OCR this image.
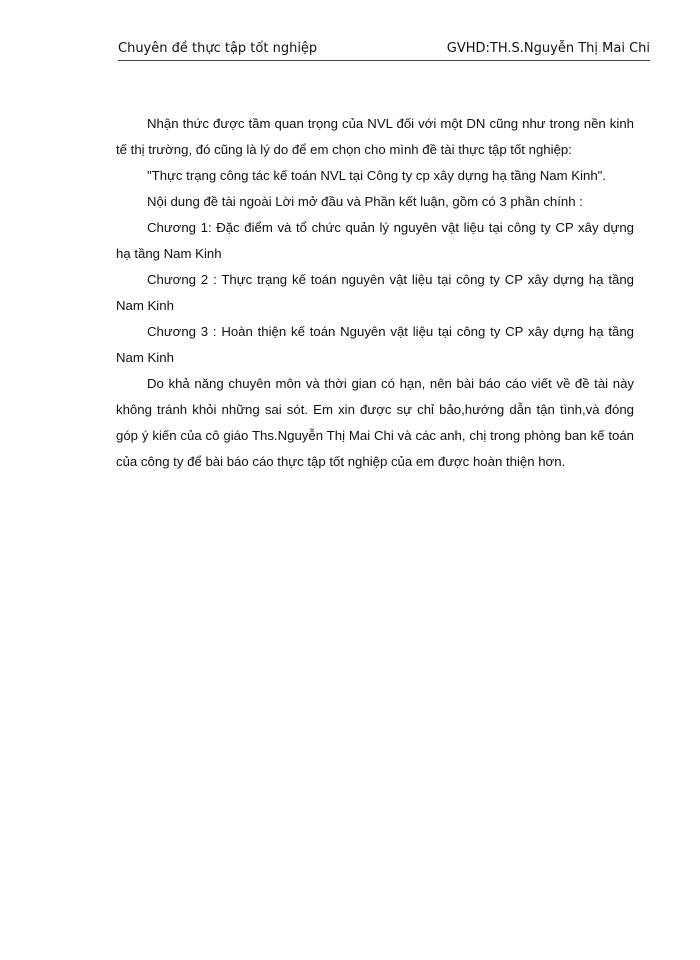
Chuyên đề thực tập tốt nghiệp	GVHD:TH.S.Nguyễn Thị Mai Chi

Nhận thức được tầm quan trọng của NVL đối với một DN cũng như trong nền kinh tế thị trường, đó cũng là lý do để em chọn cho mình đề tài thực tập tốt nghiệp:

"Thực trạng công tác kế toán NVL tại Công ty cp xây dựng hạ tầng Nam Kinh".

Nội dung đề tài ngoài Lời mở đầu và Phần kết luận, gồm có 3 phần chính :

Chương 1: Đặc điểm và tổ chức quản lý nguyên vật liệu tại công ty CP xây dựng hạ tầng Nam Kinh

Chương 2 : Thực trạng kế toán nguyên vật liệu tại công ty CP xây dựng hạ tầng Nam Kinh

Chương 3 : Hoàn thiện kế toán Nguyên vật liệu tại công ty CP xây dựng hạ tầng Nam Kinh

Do khả năng chuyên môn và thời gian có hạn, nên bài báo cáo viết về đề tài này không tránh khỏi những sai sót. Em xin được sự chỉ bảo,hướng dẫn tận tình,và đóng góp ý kiến của cô giáo Ths.Nguyễn Thị Mai Chi và các anh, chị trong phòng ban kế toán của công ty để bài báo cáo thực tập tốt nghiệp của em được hoàn thiện hơn.
